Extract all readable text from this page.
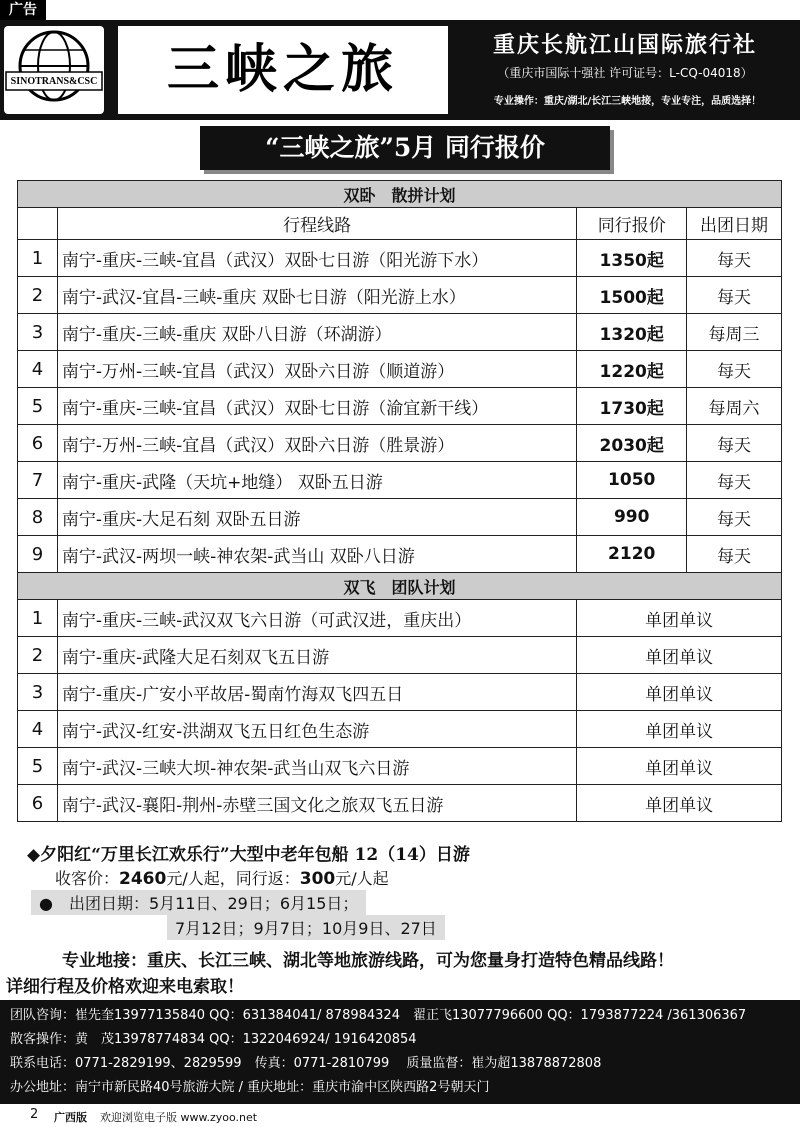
广告
SINOTRANS&CSC	三峡之旅	重庆长航江山国际旅行社
（重庆市国际十强社 许可证号：L-CQ-04018）
专业操作：重庆/湖北/长江三峡地接，专业专注，品质选择！
“三峡之旅”5月 同行报价
双卧　散拼计划			
	行程线路	同行报价	出团日期
1	南宁-重庆-三峡-宜昌（武汉）双卧七日游（阳光游下水）	1350起	每天
2	南宁-武汉-宜昌-三峡-重庆 双卧七日游（阳光游上水）	1500起	每天
3	南宁-重庆-三峡-重庆 双卧八日游（环湖游）	1320起	每周三
4	南宁-万州-三峡-宜昌（武汉）双卧六日游（顺道游）	1220起	每天
5	南宁-重庆-三峡-宜昌（武汉）双卧七日游（渝宜新干线）	1730起	每周六
6	南宁-万州-三峡-宜昌（武汉）双卧六日游（胜景游）	2030起	每天
7	南宁-重庆-武隆（天坑+地缝） 双卧五日游	1050	每天
8	南宁-重庆-大足石刻 双卧五日游	990	每天
9	南宁-武汉-两坝一峡-神农架-武当山 双卧八日游	2120	每天
双飞　团队计划			
1	南宁-重庆-三峡-武汉双飞六日游（可武汉进，重庆出）	单团单议	
2	南宁-重庆-武隆大足石刻双飞五日游	单团单议	
3	南宁-重庆-广安小平故居-蜀南竹海双飞四五日	单团单议	
4	南宁-武汉-红安-洪湖双飞五日红色生态游	单团单议	
5	南宁-武汉-三峡大坝-神农架-武当山双飞六日游	单团单议	
6	南宁-武汉-襄阳-荆州-赤壁三国文化之旅双飞五日游	单团单议	
◆夕阳红“万里长江欢乐行”大型中老年包船 12（14）日游
收客价：2460元/人起，同行返：300元/人起
●　出团日期：5月11日、29日；6月15日；
7月12日；9月7日；10月9日、27日
专业地接：重庆、长江三峡、湖北等地旅游线路，可为您量身打造特色精品线路！
详细行程及价格欢迎来电索取！
团队咨询：崔先奎13977135840 QQ：631384041/ 878984324　翟正飞13077796600 QQ：1793877224 /361306367
散客操作：黄　茂13978774834 QQ：1322046924/ 1916420854
联系电话：0771-2829199、2829599　传真：0771-2810799　 质量监督：崔为超13878872808
办公地址：南宁市新民路40号旅游大院 / 重庆地址：重庆市渝中区陕西路2号朝天门
2 广西版 欢迎浏览电子版 www.zyoo.net
